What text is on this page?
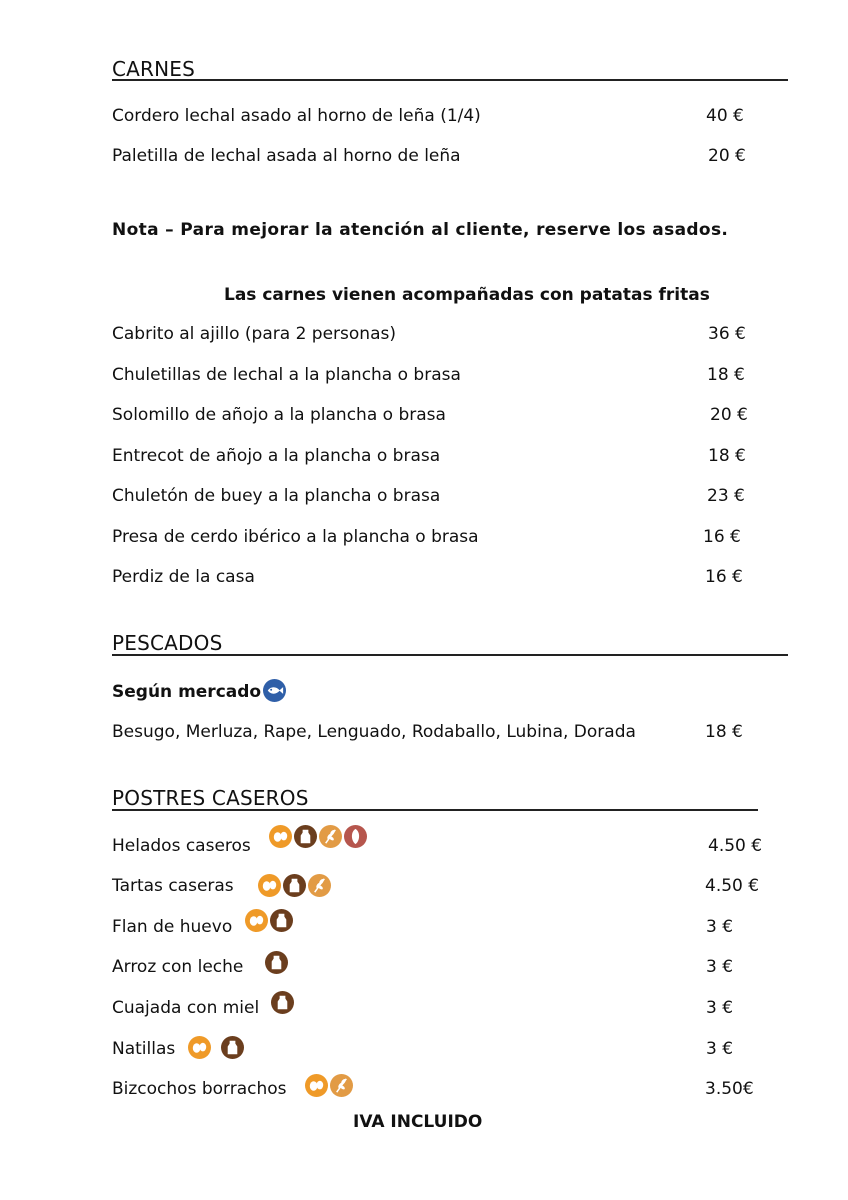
CARNES
Cordero lechal asado al horno de leña (1/4)	40 €
Paletilla de lechal asada al horno de leña	20 €
Nota – Para mejorar la atención al cliente, reserve los asados.
Las carnes vienen acompañadas con patatas fritas
Cabrito al ajillo (para 2 personas)	36 €
Chuletillas de lechal a la plancha o brasa	18 €
Solomillo de añojo a la plancha o brasa	20 €
Entrecot de añojo a la plancha o brasa	18 €
Chuletón de buey a la plancha o brasa	23 €
Presa de cerdo ibérico a la plancha o brasa	16 €
Perdiz de la casa	16 €
PESCADOS
Según mercado
Besugo, Merluza, Rape, Lenguado, Rodaballo, Lubina, Dorada	18 €
POSTRES CASEROS
Helados caseros	4.50 €
Tartas caseras	4.50 €
Flan de huevo	3 €
Arroz con leche	3 €
Cuajada con miel	3 €
Natillas	3 €
Bizcochos borrachos	3.50€
IVA INCLUIDO
